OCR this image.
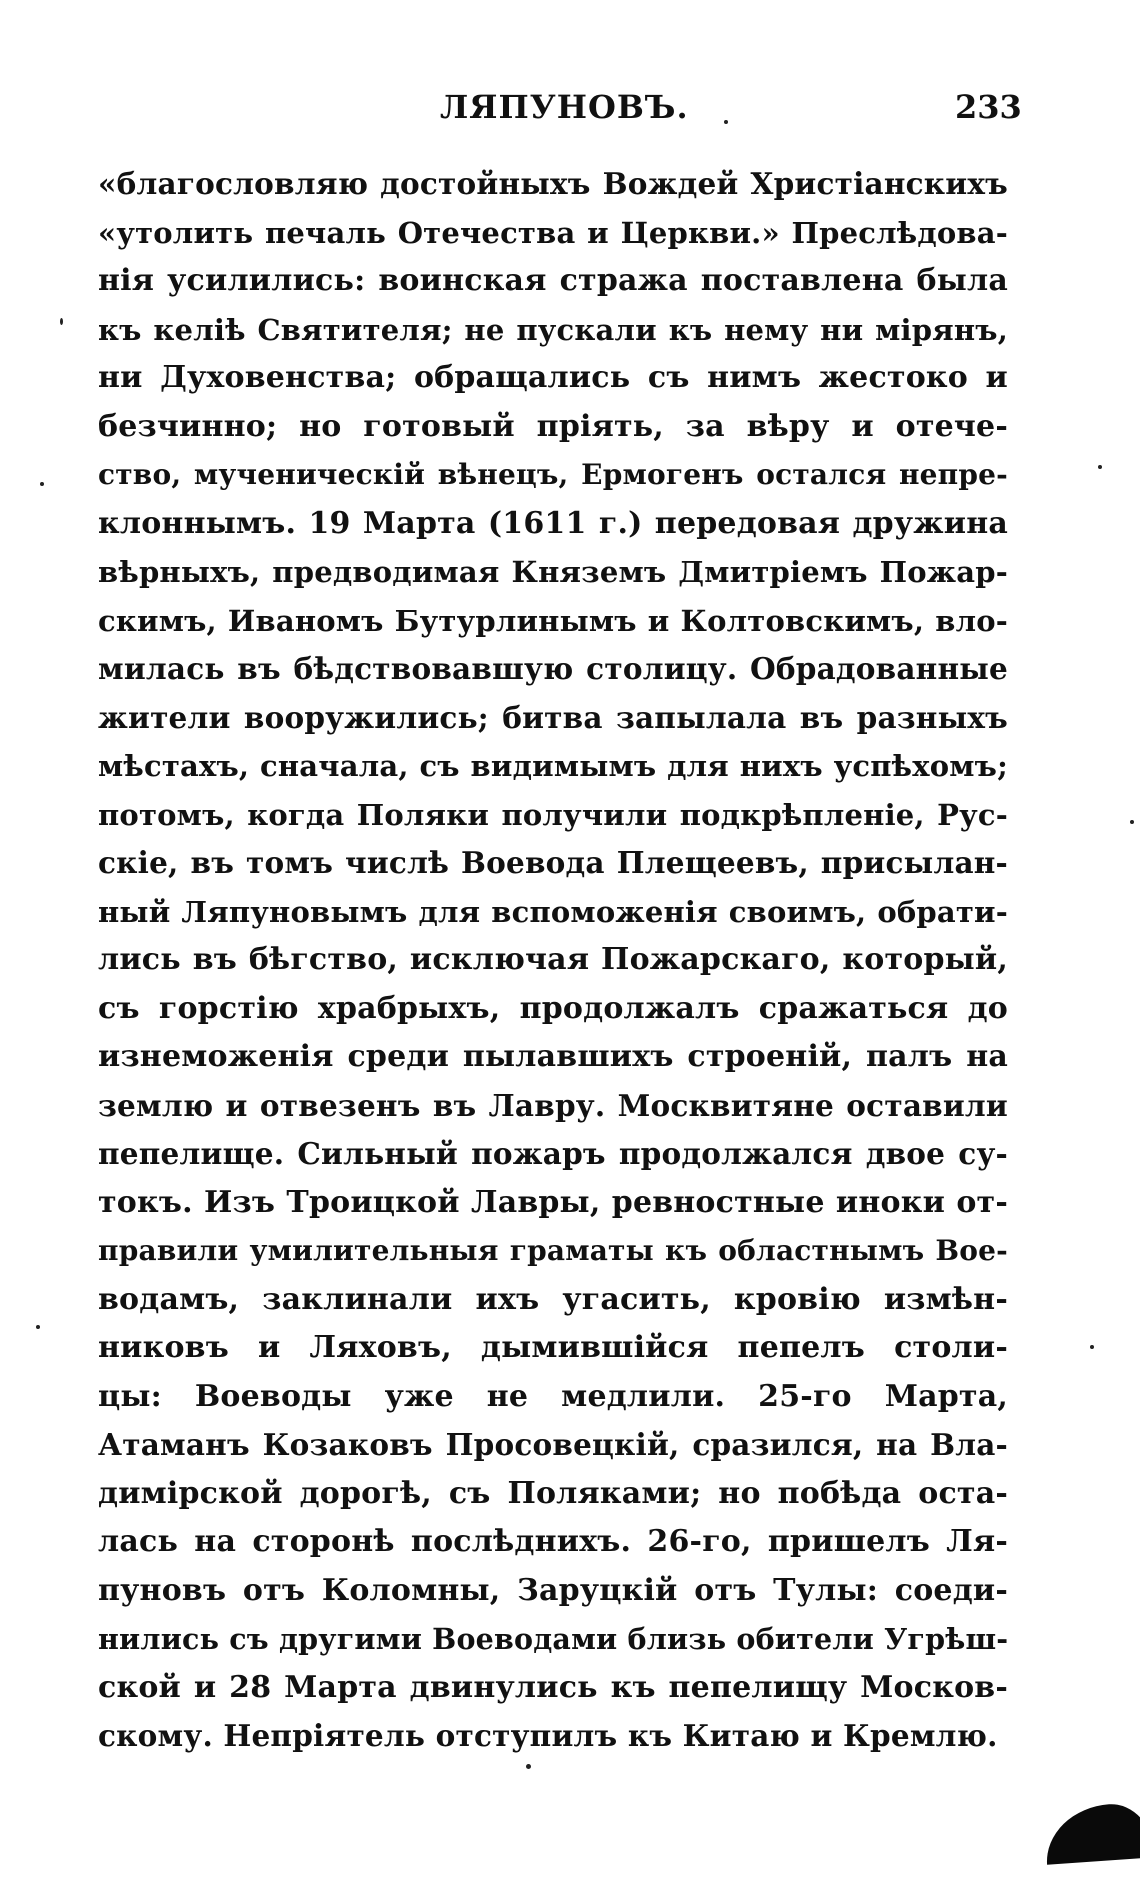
ЛЯПУНОВЪ.	233
«благословляю достойныхъ Вождей Христіанскихъ
«утолить печаль Отечества и Церкви.» Преслѣдова-
нія усилились: воинская стража поставлена была
къ келіѣ Святителя; не пускали къ нему ни мірянъ,
ни Духовенства; обращались съ нимъ жестоко и
безчинно; но готовый пріять, за вѣру и отече-
ство, мученическій вѣнецъ, Ермогенъ остался непре-
клоннымъ. 19 Марта (1611 г.) передовая дружина
вѣрныхъ, предводимая Княземъ Дмитріемъ Пожар-
скимъ, Иваномъ Бутурлинымъ и Колтовскимъ, вло-
милась въ бѣдствовавшую столицу. Обрадованные
жители вооружились; битва запылала въ разныхъ
мѣстахъ, сначала, съ видимымъ для нихъ успѣхомъ;
потомъ, когда Поляки получили подкрѣпленіе, Рус-
скіе, въ томъ числѣ Воевода Плещеевъ, присылан-
ный Ляпуновымъ для вспоможенія своимъ, обрати-
лись въ бѣгство, исключая Пожарскаго, который,
съ горстію храбрыхъ, продолжалъ сражаться до
изнеможенія среди пылавшихъ строеній, палъ на
землю и отвезенъ въ Лавру. Москвитяне оставили
пепелище. Сильный пожаръ продолжался двое су-
токъ. Изъ Троицкой Лавры, ревностные иноки от-
правили умилительныя граматы къ областнымъ Вое-
водамъ, заклинали ихъ угасить, кровію измѣн-
никовъ и Ляховъ, дымившійся пепелъ столи-
цы: Воеводы уже не медлили. 25-го Марта,
Атаманъ Козаковъ Просовецкій, сразился, на Вла-
димірской дорогѣ, съ Поляками; но побѣда оста-
лась на сторонѣ послѣднихъ. 26-го, пришелъ Ля-
пуновъ отъ Коломны, Заруцкій отъ Тулы: соеди-
нились съ другими Воеводами близь обители Угрѣш-
ской и 28 Марта двинулись къ пепелищу Москов-
скому. Непріятель отступилъ къ Китаю и Кремлю.
